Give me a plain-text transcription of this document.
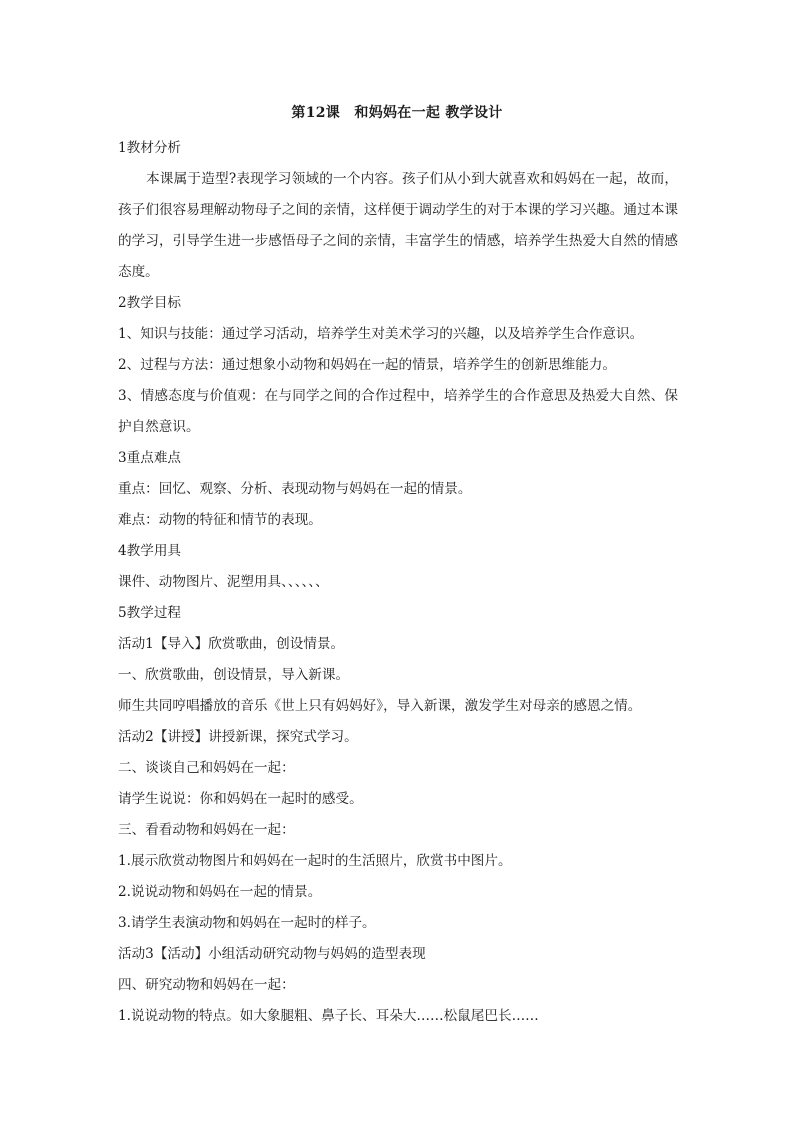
第12课　和妈妈在一起 教学设计

1教材分析

本课属于造型?表现学习领域的一个内容。孩子们从小到大就喜欢和妈妈在一起，故而，孩子们很容易理解动物母子之间的亲情，这样便于调动学生的对于本课的学习兴趣。通过本课的学习，引导学生进一步感悟母子之间的亲情，丰富学生的情感，培养学生热爱大自然的情感态度。

2教学目标

1、知识与技能：通过学习活动，培养学生对美术学习的兴趣，以及培养学生合作意识。

2、过程与方法：通过想象小动物和妈妈在一起的情景，培养学生的创新思维能力。

3、情感态度与价值观：在与同学之间的合作过程中，培养学生的合作意思及热爱大自然、保护自然意识。

3重点难点

重点：回忆、观察、分析、表现动物与妈妈在一起的情景。

难点：动物的特征和情节的表现。

4教学用具

课件、动物图片、泥塑用具、、、、、、

5教学过程

活动1【导入】欣赏歌曲，创设情景。

一、欣赏歌曲，创设情景，导入新课。

师生共同哼唱播放的音乐《世上只有妈妈好》，导入新课，激发学生对母亲的感恩之情。

活动2【讲授】讲授新课，探究式学习。

二、谈谈自己和妈妈在一起：

请学生说说：你和妈妈在一起时的感受。

三、看看动物和妈妈在一起：

1.展示欣赏动物图片和妈妈在一起时的生活照片，欣赏书中图片。

2.说说动物和妈妈在一起的情景。

3.请学生表演动物和妈妈在一起时的样子。

活动3【活动】小组活动研究动物与妈妈的造型表现

四、研究动物和妈妈在一起：

1.说说动物的特点。如大象腿粗、鼻子长、耳朵大……松鼠尾巴长……
